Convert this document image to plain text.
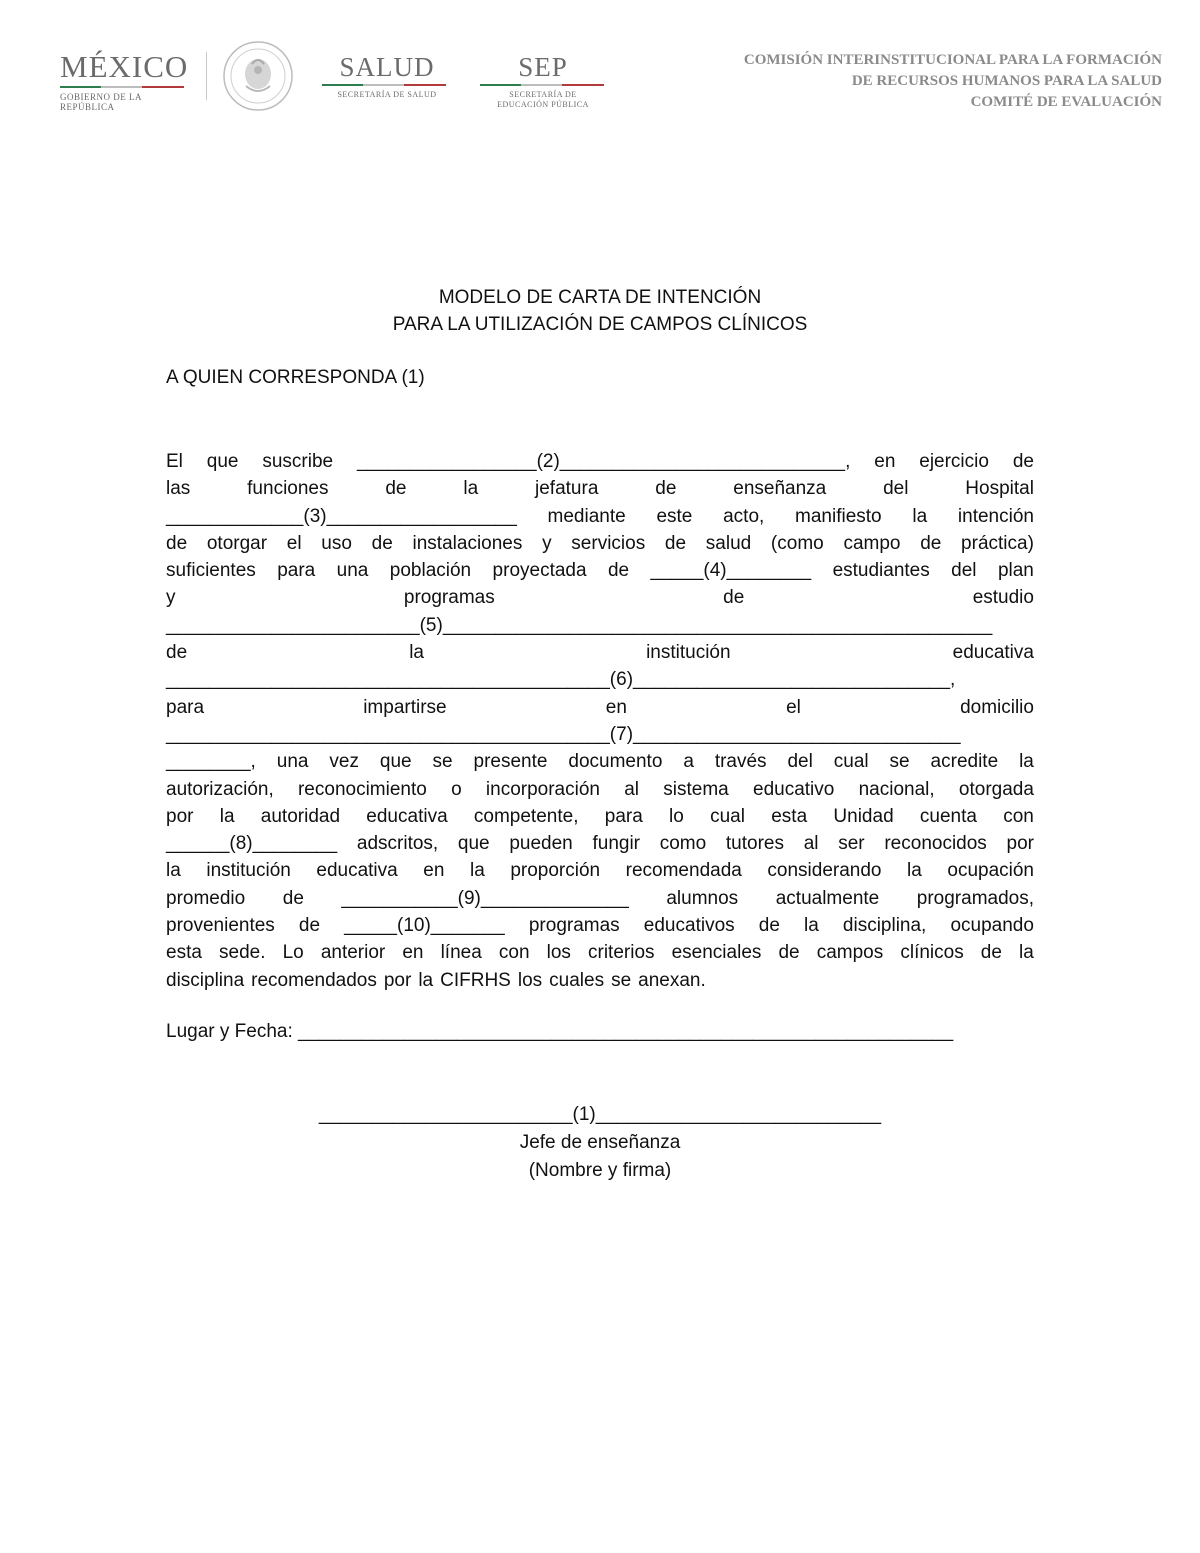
MÉXICO
GOBIERNO DE LA REPÚBLICA
SALUD
SECRETARÍA DE SALUD
SEP
SECRETARÍA DE
EDUCACIÓN PÚBLICA
COMISIÓN INTERINSTITUCIONAL PARA LA FORMACIÓN
DE RECURSOS HUMANOS PARA LA SALUD
COMITÉ DE EVALUACIÓN
MODELO DE CARTA DE INTENCIÓN
PARA LA UTILIZACIÓN DE CAMPOS CLÍNICOS
A QUIEN CORRESPONDA (1)
El que suscribe _________________(2)___________________________, en ejercicio de
las	funciones	de	la	jefatura	de	enseñanza	del	Hospital
_____________(3)__________________ mediante este acto, manifiesto la intención
de otorgar el uso de instalaciones y servicios de salud (como campo de práctica)
suficientes para una población proyectada de _____(4)________ estudiantes del plan
y	programas	de	estudio
________________________(5)____________________________________________________
de	la	institución	educativa
__________________________________________(6)______________________________,
para	impartirse	en	el	domicilio
__________________________________________(7)_______________________________
________, una vez que se presente documento a través del cual se acredite la
autorización, reconocimiento o incorporación al sistema educativo nacional, otorgada
por la autoridad educativa competente, para lo cual esta Unidad cuenta con
______(8)________ adscritos, que pueden fungir como tutores al ser reconocidos por
la institución educativa en la proporción recomendada considerando la ocupación
promedio de ___________(9)______________ alumnos actualmente programados,
provenientes de _____(10)_______ programas educativos de la disciplina, ocupando
esta sede. Lo anterior en línea con los criterios esenciales de campos clínicos de la
disciplina recomendados por la CIFRHS los cuales se anexan.
Lugar y Fecha: ______________________________________________________________
________________________(1)___________________________
Jefe de enseñanza
(Nombre y firma)
